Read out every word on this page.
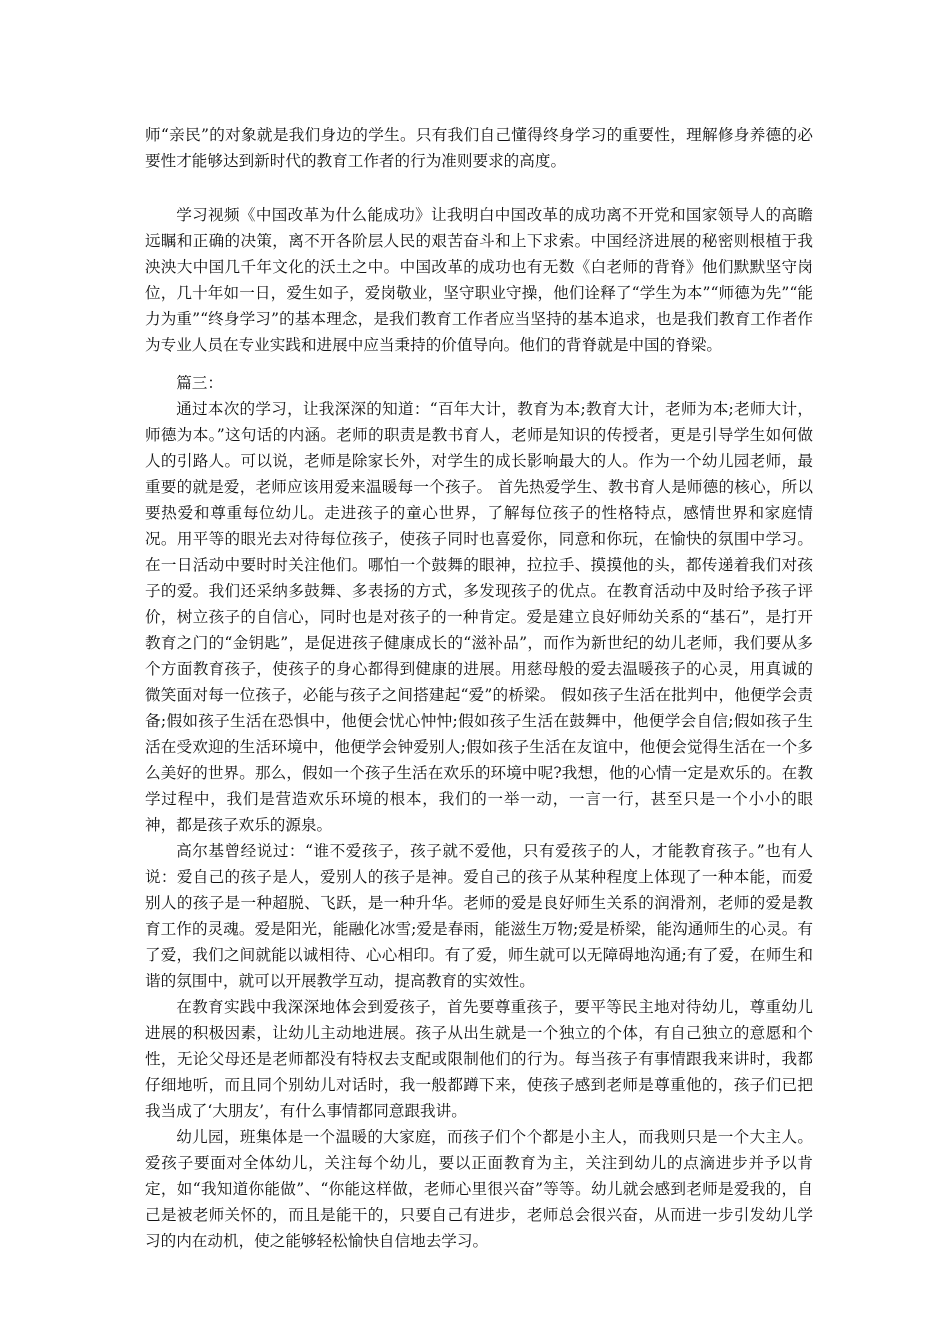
师“亲民”的对象就是我们身边的学生。只有我们自己懂得终身学习的重要性，理解修身养德的必要性才能够达到新时代的教育工作者的行为准则要求的高度。

学习视频《中国改革为什么能成功》让我明白中国改革的成功离不开党和国家领导人的高瞻远瞩和正确的决策，离不开各阶层人民的艰苦奋斗和上下求索。中国经济进展的秘密则根植于我泱泱大中国几千年文化的沃土之中。中国改革的成功也有无数《白老师的背脊》他们默默坚守岗位，几十年如一日，爱生如子，爱岗敬业，坚守职业守操，他们诠释了“学生为本”“师德为先”“能力为重”“终身学习”的基本理念，是我们教育工作者应当坚持的基本追求，也是我们教育工作者作为专业人员在专业实践和进展中应当秉持的价值导向。他们的背脊就是中国的脊梁。

篇三：

通过本次的学习，让我深深的知道：“百年大计，教育为本;教育大计，老师为本;老师大计，师德为本。”这句话的内涵。老师的职责是教书育人，老师是知识的传授者，更是引导学生如何做人的引路人。可以说，老师是除家长外，对学生的成长影响最大的人。作为一个幼儿园老师，最重要的就是爱，老师应该用爱来温暖每一个孩子。 首先热爱学生、教书育人是师德的核心，所以要热爱和尊重每位幼儿。走进孩子的童心世界，了解每位孩子的性格特点，感情世界和家庭情况。用平等的眼光去对待每位孩子，使孩子同时也喜爱你，同意和你玩，在愉快的氛围中学习。在一日活动中要时时关注他们。哪怕一个鼓舞的眼神，拉拉手、摸摸他的头，都传递着我们对孩子的爱。我们还采纳多鼓舞、多表扬的方式，多发现孩子的优点。在教育活动中及时给予孩子评价，树立孩子的自信心，同时也是对孩子的一种肯定。爱是建立良好师幼关系的“基石”，是打开教育之门的“金钥匙”，是促进孩子健康成长的“滋补品”，而作为新世纪的幼儿老师，我们要从多个方面教育孩子，使孩子的身心都得到健康的进展。用慈母般的爱去温暖孩子的心灵，用真诚的微笑面对每一位孩子，必能与孩子之间搭建起“爱”的桥梁。 假如孩子生活在批判中，他便学会责备;假如孩子生活在恐惧中，他便会忧心忡忡;假如孩子生活在鼓舞中，他便学会自信;假如孩子生活在受欢迎的生活环境中，他便学会钟爱别人;假如孩子生活在友谊中，他便会觉得生活在一个多么美好的世界。那么，假如一个孩子生活在欢乐的环境中呢?我想，他的心情一定是欢乐的。在教学过程中，我们是营造欢乐环境的根本，我们的一举一动，一言一行，甚至只是一个小小的眼神，都是孩子欢乐的源泉。

高尔基曾经说过：“谁不爱孩子，孩子就不爱他，只有爱孩子的人，才能教育孩子。”也有人说：爱自己的孩子是人，爱别人的孩子是神。爱自己的孩子从某种程度上体现了一种本能，而爱别人的孩子是一种超脱、飞跃，是一种升华。老师的爱是良好师生关系的润滑剂，老师的爱是教育工作的灵魂。爱是阳光，能融化冰雪;爱是春雨，能滋生万物;爱是桥梁，能沟通师生的心灵。有了爱，我们之间就能以诚相待、心心相印。有了爱，师生就可以无障碍地沟通;有了爱，在师生和谐的氛围中，就可以开展教学互动，提高教育的实效性。

在教育实践中我深深地体会到爱孩子，首先要尊重孩子，要平等民主地对待幼儿，尊重幼儿进展的积极因素，让幼儿主动地进展。孩子从出生就是一个独立的个体，有自己独立的意愿和个性，无论父母还是老师都没有特权去支配或限制他们的行为。每当孩子有事情跟我来讲时，我都仔细地听，而且同个别幼儿对话时，我一般都蹲下来，使孩子感到老师是尊重他的，孩子们已把我当成了‘大朋友’，有什么事情都同意跟我讲。

幼儿园，班集体是一个温暖的大家庭，而孩子们个个都是小主人，而我则只是一个大主人。爱孩子要面对全体幼儿，关注每个幼儿，要以正面教育为主，关注到幼儿的点滴进步并予以肯定，如“我知道你能做”、“你能这样做，老师心里很兴奋”等等。幼儿就会感到老师是爱我的，自己是被老师关怀的，而且是能干的，只要自己有进步，老师总会很兴奋，从而进一步引发幼儿学习的内在动机，使之能够轻松愉快自信地去学习。
